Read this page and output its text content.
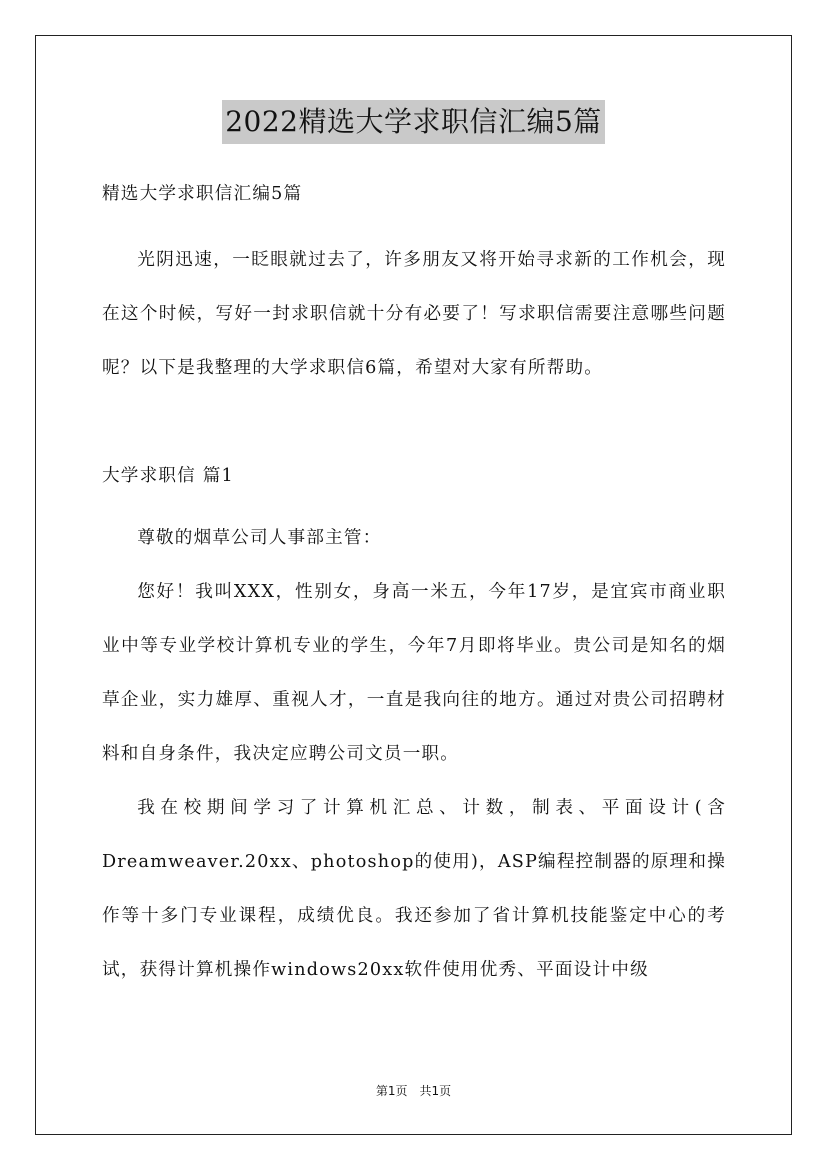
2022精选大学求职信汇编5篇
精选大学求职信汇编5篇
光阴迅速，一眨眼就过去了，许多朋友又将开始寻求新的工作机会，现在这个时候，写好一封求职信就十分有必要了！写求职信需要注意哪些问题呢？以下是我整理的大学求职信6篇，希望对大家有所帮助。
大学求职信 篇1
尊敬的烟草公司人事部主管：
您好！我叫XXX，性别女，身高一米五，今年17岁，是宜宾市商业职业中等专业学校计算机专业的学生，今年7月即将毕业。贵公司是知名的烟草企业，实力雄厚、重视人才，一直是我向往的地方。通过对贵公司招聘材料和自身条件，我决定应聘公司文员一职。
我在校期间学习了计算机汇总、计数，制表、平面设计(含Dreamweaver.20xx、photoshop的使用)，ASP编程控制器的原理和操作等十多门专业课程，成绩优良。我还参加了省计算机技能鉴定中心的考试，获得计算机操作windows20xx软件使用优秀、平面设计中级
第1页　共1页
